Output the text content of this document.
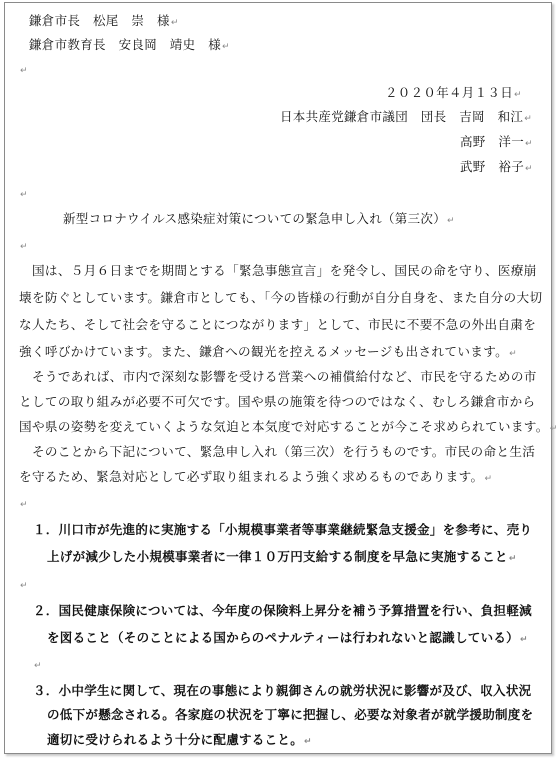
鎌倉市長　松尾　崇　様↵
鎌倉市教育長　安良岡　靖史　様↵
↵
２０２０年４月１３日↵
日本共産党鎌倉市議団　団長　吉岡　和江↵
高野　洋一↵
武野　裕子↵
↵
新型コロナウイルス感染症対策についての緊急申し入れ（第三次）↵
↵
　国は、５月６日までを期間とする「緊急事態宣言」を発令し、国民の命を守り、医療崩
壊を防ぐとしています。鎌倉市としても、「今の皆様の行動が自分自身を、また自分の大切
な人たち、そして社会を守ることにつながります」として、市民に不要不急の外出自粛を
強く呼びかけています。また、鎌倉への観光を控えるメッセージも出されています。↵
　そうであれば、市内で深刻な影響を受ける営業への補償給付など、市民を守るための市
としての取り組みが必要不可欠です。国や県の施策を待つのではなく、むしろ鎌倉市から
国や県の姿勢を変えていくような気迫と本気度で対応することが今こそ求められています。↵
　そのことから下記について、緊急申し入れ（第三次）を行うものです。市民の命と生活
を守るため、緊急対応として必ず取り組まれるよう強く求めるものであります。↵
↵
１．川口市が先進的に実施する「小規模事業者等事業継続緊急支援金」を参考に、売り
上げが減少した小規模事業者に一律１０万円支給する制度を早急に実施すること↵
↵
２．国民健康保険については、今年度の保険料上昇分を補う予算措置を行い、負担軽減
を図ること（そのことによる国からのペナルティーは行われないと認識している）↵
↵
３．小中学生に関して、現在の事態により親御さんの就労状況に影響が及び、収入状況
の低下が懸念される。各家庭の状況を丁寧に把握し、必要な対象者が就学援助制度を
適切に受けられるよう十分に配慮すること。↵
